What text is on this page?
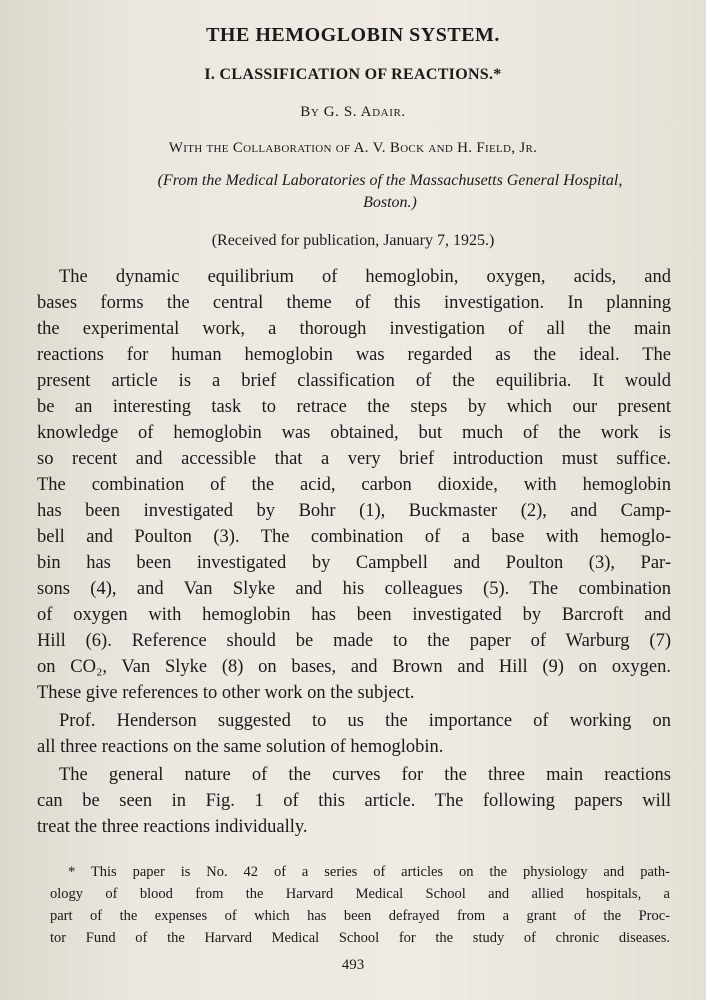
THE HEMOGLOBIN SYSTEM.
I. CLASSIFICATION OF REACTIONS.*
By G. S. Adair.
With the Collaboration of A. V. Bock and H. Field, Jr.
(From the Medical Laboratories of the Massachusetts General Hospital,
Boston.)
(Received for publication, January 7, 1925.)
The dynamic equilibrium of hemoglobin, oxygen, acids, and
bases forms the central theme of this investigation. In planning
the experimental work, a thorough investigation of all the main
reactions for human hemoglobin was regarded as the ideal. The
present article is a brief classification of the equilibria. It would
be an interesting task to retrace the steps by which our present
knowledge of hemoglobin was obtained, but much of the work is
so recent and accessible that a very brief introduction must suffice.
The combination of the acid, carbon dioxide, with hemoglobin
has been investigated by Bohr (1), Buckmaster (2), and Camp-
bell and Poulton (3). The combination of a base with hemoglo-
bin has been investigated by Campbell and Poulton (3), Par-
sons (4), and Van Slyke and his colleagues (5). The combination
of oxygen with hemoglobin has been investigated by Barcroft and
Hill (6). Reference should be made to the paper of Warburg (7)
on CO₂, Van Slyke (8) on bases, and Brown and Hill (9) on oxygen.
These give references to other work on the subject.
Prof. Henderson suggested to us the importance of working on
all three reactions on the same solution of hemoglobin.
The general nature of the curves for the three main reactions
can be seen in Fig. 1 of this article. The following papers will
treat the three reactions individually.
* This paper is No. 42 of a series of articles on the physiology and path-
ology of blood from the Harvard Medical School and allied hospitals, a
part of the expenses of which has been defrayed from a grant of the Proc-
tor Fund of the Harvard Medical School for the study of chronic diseases.
493
